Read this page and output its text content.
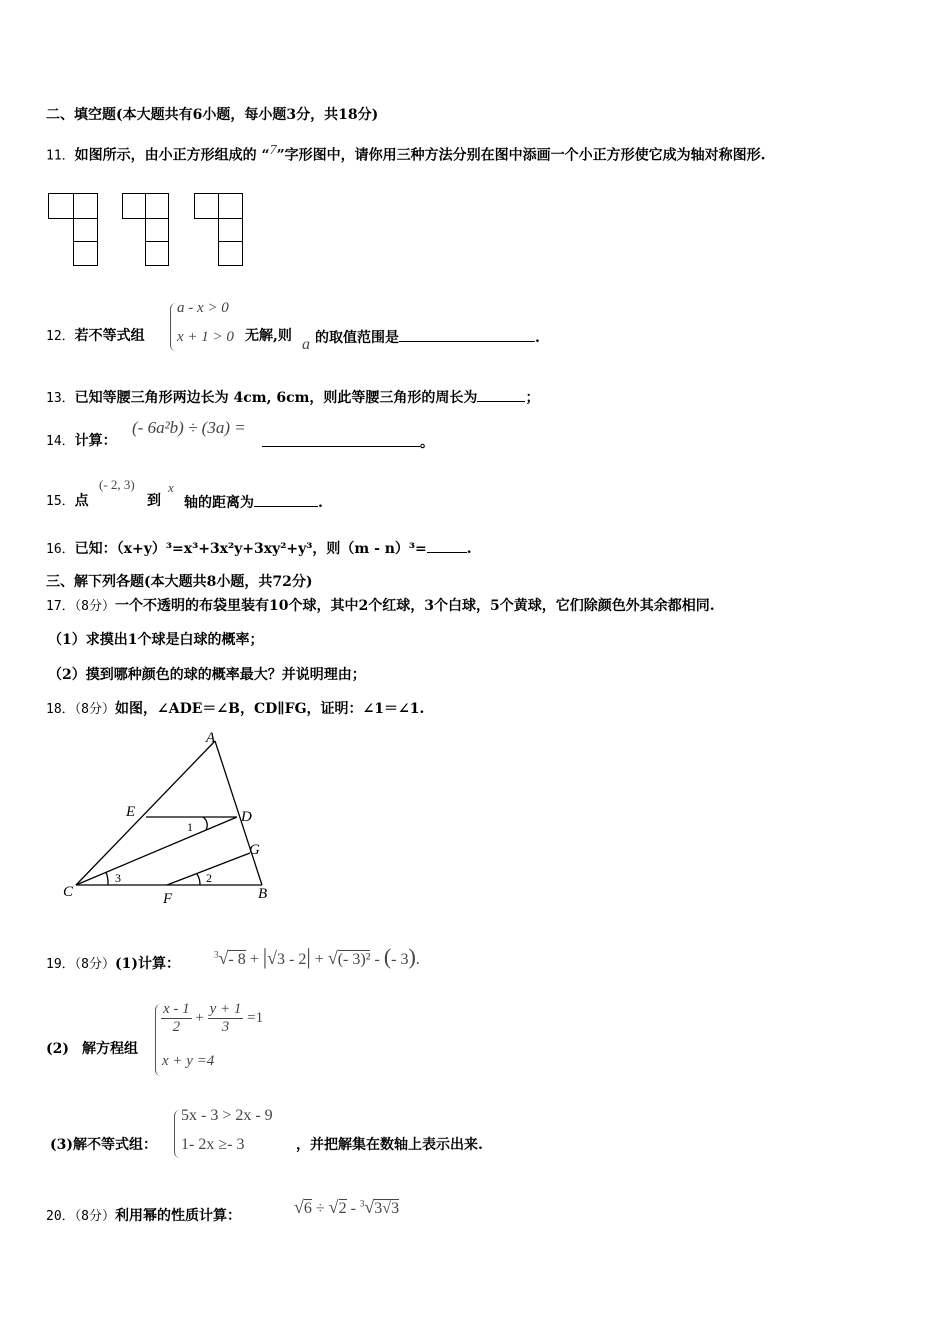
二、填空题(本大题共有6小题，每小题3分，共18分)
11．如图所示，由小正方形组成的 “$^7$”字形图中，请你用三种方法分别在图中添画一个小正方形使它成为轴对称图形.
12．若不等式组
a - x > 0
x + 1 > 0 无解,则 a 的取值范围是	.
13．已知等腰三角形两边长为 4cm, 6cm，则此等腰三角形的周长为	；
14．计算：
(- 6a²b) ÷ (3a) =
。
15．点
(- 2, 3)
到
x
轴的距离为	.
16．已知：（x+y）³=x³+3x²y+3xy²+y³，则（m - n）³=	.
三、解下列各题(本大题共8小题，共72分)
17．（8分）一个不透明的布袋里装有10个球，其中2个红球，3个白球，5个黄球，它们除颜色外其余都相同.
（1）求摸出1个球是白球的概率；
（2）摸到哪种颜色的球的概率最大？并说明理由；
18．（8分）如图，∠ADE＝∠B，CD∥FG，证明：∠1＝∠1.
A
B
C
D
E
F
G
1
2
3
19．（8分）(1)计算：
$^3$√- 8 + |√3 - 2| + √(- 3)² - (- 3).
(2) 解方程组
$\frac{x - 1}{2} + \frac{y + 1}{3} =1$
x + y =4
(3)解不等式组：
5x - 3 > 2x - 9
1- 2x ≥- 3	，并把解集在数轴上表示出来.
20．（8分）利用幂的性质计算：	√6 ÷ √2 - $^3$√3√3
